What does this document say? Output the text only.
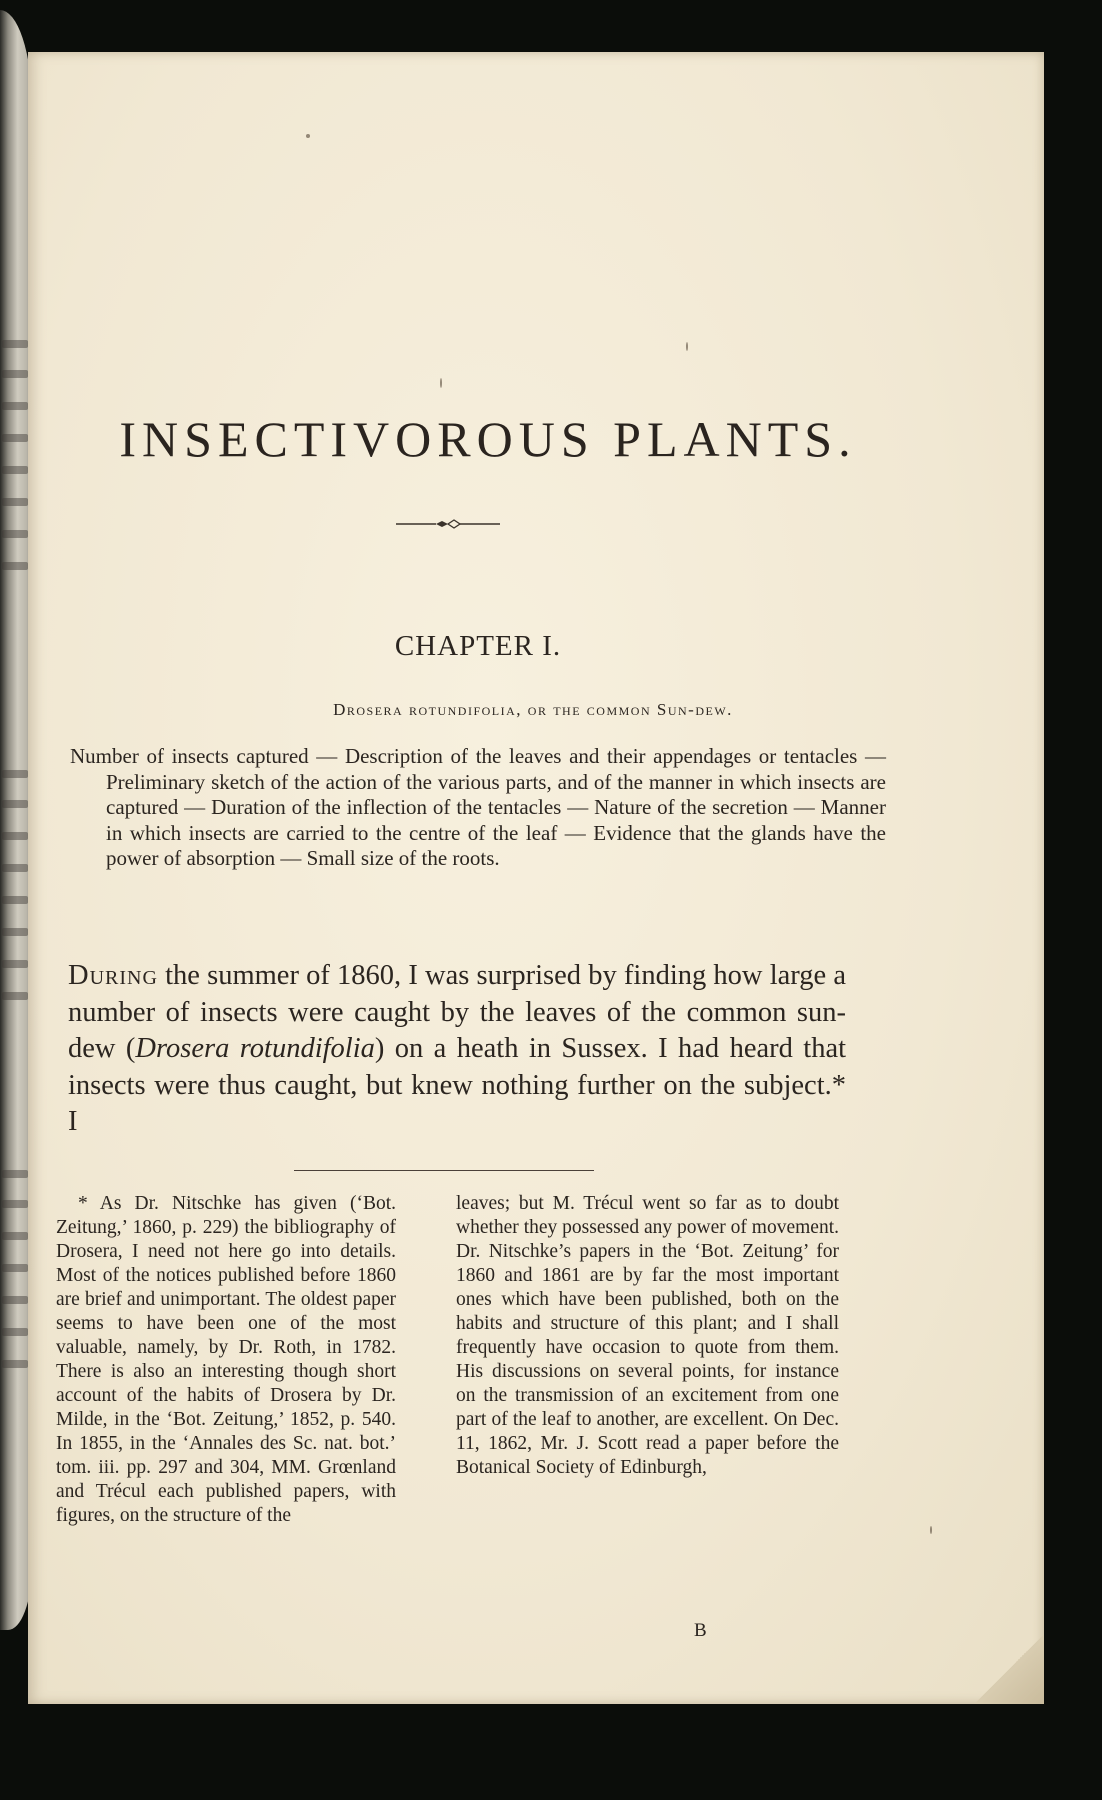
INSECTIVOROUS PLANTS.
CHAPTER I.

Drosera rotundifolia, or the common Sun-dew.

Number of insects captured — Description of the leaves and their appendages or tentacles — Preliminary sketch of the action of the various parts, and of the manner in which insects are captured — Duration of the inflection of the tentacles — Nature of the secretion — Manner in which insects are carried to the centre of the leaf — Evidence that the glands have the power of absorption — Small size of the roots.

During the summer of 1860, I was surprised by finding how large a number of insects were caught by the leaves of the common sun-dew (Drosera rotundifolia) on a heath in Sussex. I had heard that insects were thus caught, but knew nothing further on the subject.* I

* As Dr. Nitschke has given (‘Bot. Zeitung,’ 1860, p. 229) the bibliography of Drosera, I need not here go into details. Most of the notices published before 1860 are brief and unimportant. The oldest paper seems to have been one of the most valuable, namely, by Dr. Roth, in 1782. There is also an interesting though short account of the habits of Drosera by Dr. Milde, in the ‘Bot. Zeitung,’ 1852, p. 540. In 1855, in the ‘Annales des Sc. nat. bot.’ tom. iii. pp. 297 and 304, MM. Grœnland and Trécul each published papers, with figures, on the structure of the

leaves; but M. Trécul went so far as to doubt whether they possessed any power of movement. Dr. Nitschke’s papers in the ‘Bot. Zeitung’ for 1860 and 1861 are by far the most important ones which have been published, both on the habits and structure of this plant; and I shall frequently have occasion to quote from them. His discussions on several points, for instance on the transmission of an excitement from one part of the leaf to another, are excellent. On Dec. 11, 1862, Mr. J. Scott read a paper before the Botanical Society of Edinburgh,

B
